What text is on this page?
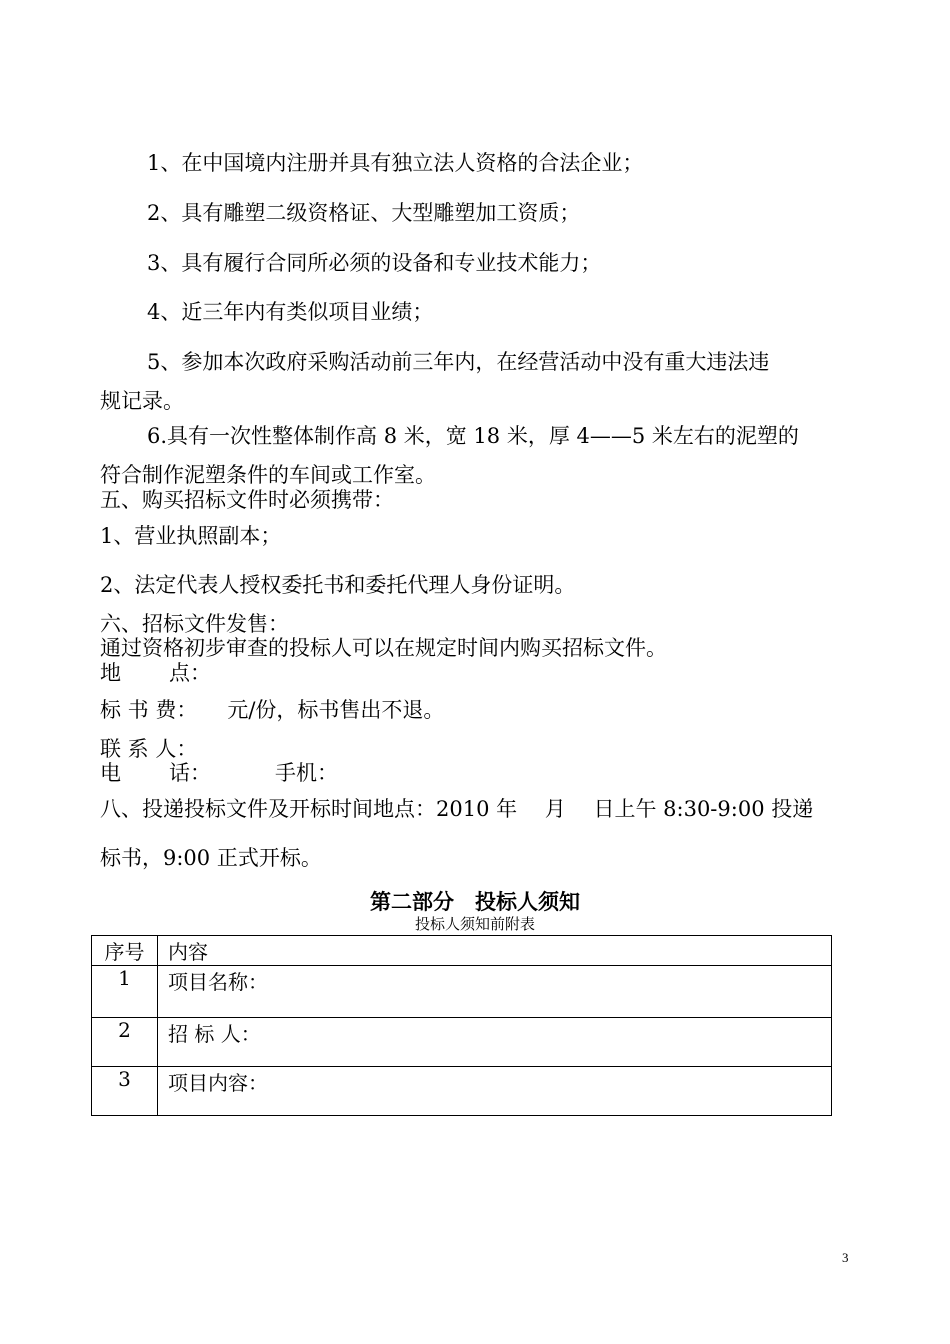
1、在中国境内注册并具有独立法人资格的合法企业；
2、具有雕塑二级资格证、大型雕塑加工资质；
3、具有履行合同所必须的设备和专业技术能力；
4、近三年内有类似项目业绩；
5、参加本次政府采购活动前三年内，在经营活动中没有重大违法违
规记录。
6.具有一次性整体制作高 8 米，宽 18 米，厚 4——5 米左右的泥塑的
符合制作泥塑条件的车间或工作室。
五、购买招标文件时必须携带：
1、营业执照副本；
2、法定代表人授权委托书和委托代理人身份证明。
六、招标文件发售：
通过资格初步审查的投标人可以在规定时间内购买招标文件。
地 点：
标 书 费： 元/份，标书售出不退。
联 系 人：
电 话：	手机：
八、投递投标文件及开标时间地点：2010 年　 月　 日上午 8:30-9:00 投递
标书，9:00 正式开标。
第二部分　投标人须知
投标人须知前附表
序号	内容
1	项目名称：
2	招 标 人：
3	项目内容：
3
